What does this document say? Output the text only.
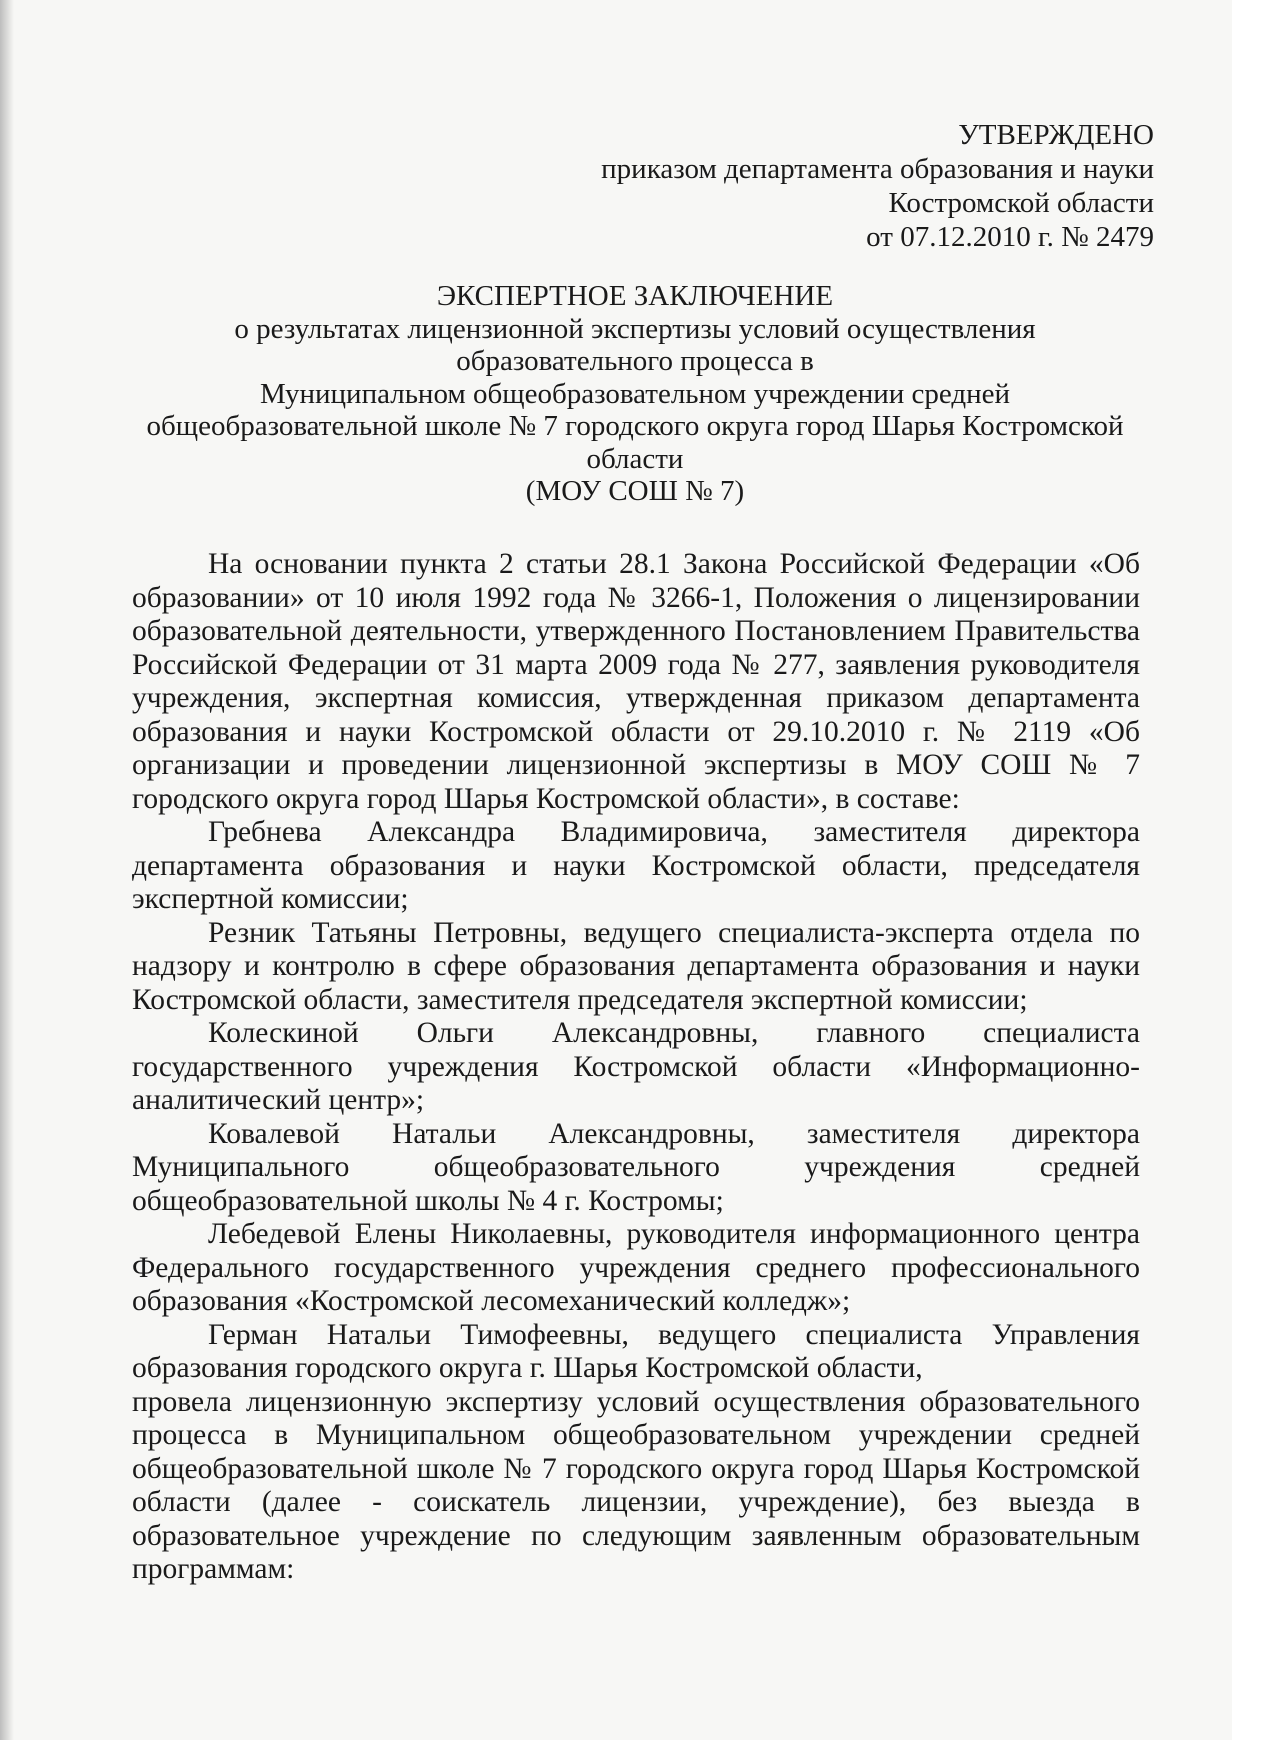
УТВЕРЖДЕНО
приказом департамента образования и науки
Костромской области
от 07.12.2010 г. № 2479
ЭКСПЕРТНОЕ ЗАКЛЮЧЕНИЕ
о результатах лицензионной экспертизы условий осуществления
образовательного процесса в
Муниципальном общеобразовательном учреждении средней
общеобразовательной школе № 7 городского округа город Шарья Костромской
области
(МОУ СОШ № 7)

На основании пункта 2 статьи 28.1 Закона Российской Федерации «Об образовании» от 10 июля 1992 года № 3266-1, Положения о лицензировании образовательной деятельности, утвержденного Постановлением Правительства Российской Федерации от 31 марта 2009 года № 277, заявления руководителя учреждения, экспертная комиссия, утвержденная приказом департамента образования и науки Костромской области от 29.10.2010 г. № 2119 «Об организации и проведении лицензионной экспертизы в МОУ СОШ № 7 городского округа город Шарья Костромской области», в составе:

Гребнева Александра Владимировича, заместителя директора департамента образования и науки Костромской области, председателя экспертной комиссии;

Резник Татьяны Петровны, ведущего специалиста-эксперта отдела по надзору и контролю в сфере образования департамента образования и науки Костромской области, заместителя председателя экспертной комиссии;

Колескиной Ольги Александровны, главного специалиста государственного учреждения Костромской области «Информационно-аналитический центр»;

Ковалевой Натальи Александровны, заместителя директора Муниципального общеобразовательного учреждения средней общеобразовательной школы № 4 г. Костромы;

Лебедевой Елены Николаевны, руководителя информационного центра Федерального государственного учреждения среднего профессионального образования «Костромской лесомеханический колледж»;

Герман Натальи Тимофеевны, ведущего специалиста Управления образования городского округа г. Шарья Костромской области,

провела лицензионную экспертизу условий осуществления образовательного процесса в Муниципальном общеобразовательном учреждении средней общеобразовательной школе № 7 городского округа город Шарья Костромской области (далее - соискатель лицензии, учреждение), без выезда в образовательное учреждение по следующим заявленным образовательным программам:
